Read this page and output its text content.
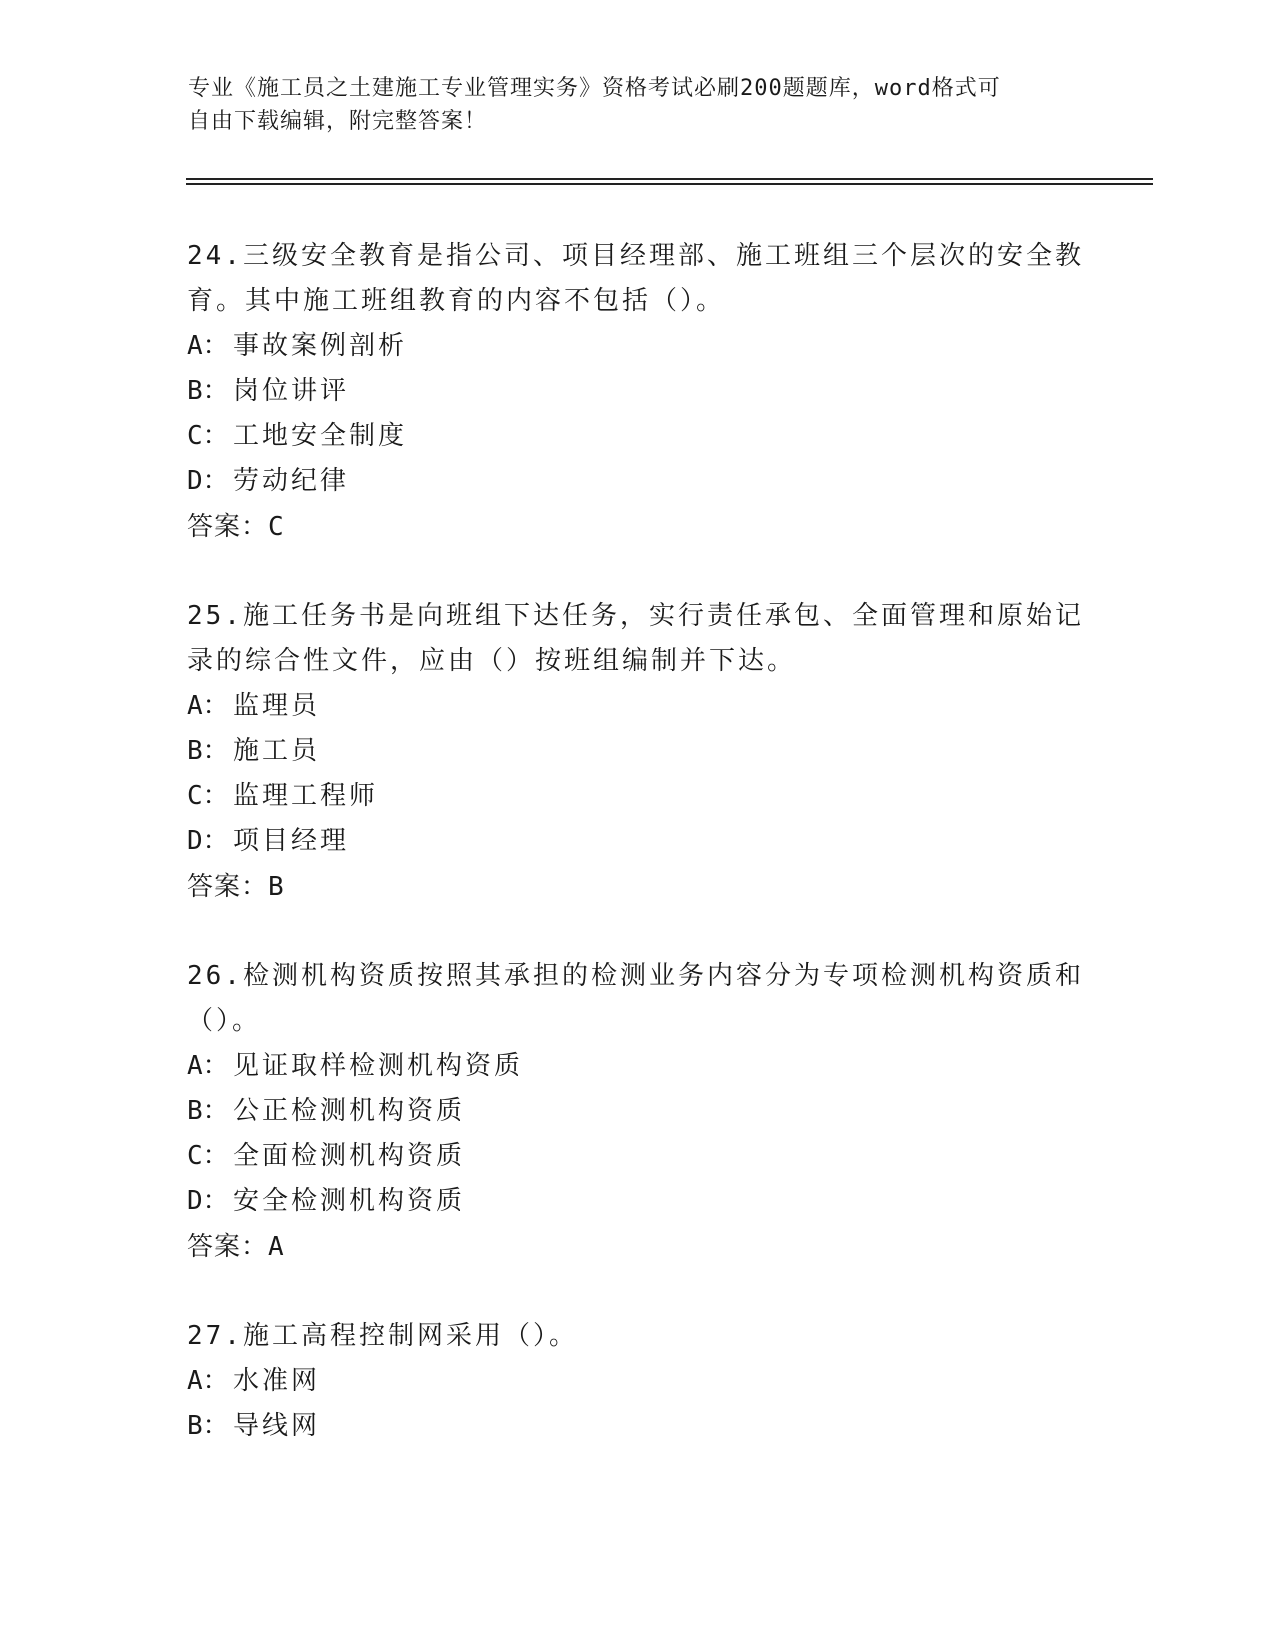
专业《施工员之土建施工专业管理实务》资格考试必刷200题题库，word格式可
自由下载编辑，附完整答案！
24.三级安全教育是指公司、项目经理部、施工班组三个层次的安全教
育。其中施工班组教育的内容不包括（）。
A： 事故案例剖析
B： 岗位讲评
C： 工地安全制度
D： 劳动纪律
答案：C
25.施工任务书是向班组下达任务，实行责任承包、全面管理和原始记
录的综合性文件，应由（）按班组编制并下达。
A： 监理员
B： 施工员
C： 监理工程师
D： 项目经理
答案：B
26.检测机构资质按照其承担的检测业务内容分为专项检测机构资质和
（）。
A： 见证取样检测机构资质
B： 公正检测机构资质
C： 全面检测机构资质
D： 安全检测机构资质
答案：A
27.施工高程控制网采用（）。
A： 水准网
B： 导线网
